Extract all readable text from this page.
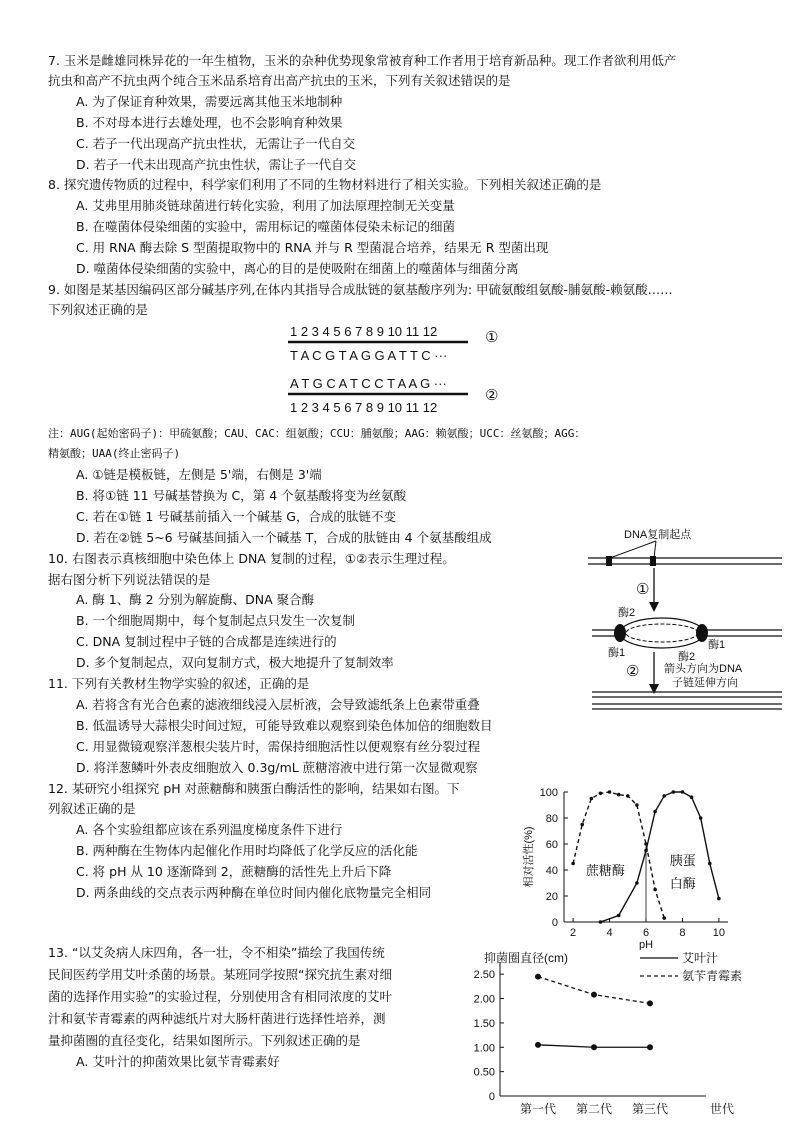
7. 玉米是雌雄同株异花的一年生植物，玉米的杂种优势现象常被育种工作者用于培育新品种。现工作者欲利用低产
抗虫和高产不抗虫两个纯合玉米品系培育出高产抗虫的玉米，下列有关叙述错误的是
A. 为了保证育种效果，需要远离其他玉米地制种
B. 不对母本进行去雄处理，也不会影响育种效果
C. 若子一代出现高产抗虫性状，无需让子一代自交
D. 若子一代未出现高产抗虫性状，需让子一代自交
8. 探究遗传物质的过程中，科学家们利用了不同的生物材料进行了相关实验。下列相关叙述正确的是
A. 艾弗里用肺炎链球菌进行转化实验，利用了加法原理控制无关变量
B. 在噬菌体侵染细菌的实验中，需用标记的噬菌体侵染未标记的细菌
C. 用 RNA 酶去除 S 型菌提取物中的 RNA 并与 R 型菌混合培养，结果无 R 型菌出现
D. 噬菌体侵染细菌的实验中，离心的目的是使吸附在细菌上的噬菌体与细菌分离
9. 如图是某基因编码区部分碱基序列,在体内其指导合成肽链的氨基酸序列为: 甲硫氨酸组氨酸-脯氨酸-赖氨酸……
下列叙述正确的是
1 2 3 4 5 6 7 8 9 10 11 12	①
T A C G T A G G A T T C ···
A T G C A T C C T A A G ···
②
1 2 3 4 5 6 7 8 9 10 11 12
注：AUG(起始密码子)：甲硫氨酸；CAU、CAC：组氨酸；CCU：脯氨酸；AAG：赖氨酸；UCC：丝氨酸；AGG：
精氨酸；UAA(终止密码子)
A. ①链是模板链，左侧是 5'端，右侧是 3'端
B. 将①链 11 号碱基替换为 C，第 4 个氨基酸将变为丝氨酸
C. 若在①链 1 号碱基前插入一个碱基 G，合成的肽链不变
D. 若在②链 5~6 号碱基间插入一个碱基 T，合成的肽链由 4 个氨基酸组成
10. 右图表示真核细胞中染色体上 DNA 复制的过程，①②表示生理过程。
据右图分析下列说法错误的是
A. 酶 1、酶 2 分别为解旋酶、DNA 聚合酶
B. 一个细胞周期中，每个复制起点只发生一次复制
C. DNA 复制过程中子链的合成都是连续进行的
D. 多个复制起点，双向复制方式，极大地提升了复制效率
DNA复制起点
①
酶2
酶1
酶1	酶2
② 箭头方向为DNA
子链延伸方向
11. 下列有关教材生物学实验的叙述，正确的是
A. 若将含有光合色素的滤液细线浸入层析液，会导致滤纸条上色素带重叠
B. 低温诱导大蒜根尖时间过短，可能导致难以观察到染色体加倍的细胞数目
C. 用显微镜观察洋葱根尖装片时，需保持细胞活性以便观察有丝分裂过程
D. 将洋葱鳞叶外表皮细胞放入 0.3g/mL 蔗糖溶液中进行第一次显微观察
12. 某研究小组探究 pH 对蔗糖酶和胰蛋白酶活性的影响，结果如右图。下
列叙述正确的是
A. 各个实验组都应该在系列温度梯度条件下进行
B. 两种酶在生物体内起催化作用时均降低了化学反应的活化能
C. 将 pH 从 10 逐渐降到 2，蔗糖酶的活性先上升后下降
D. 两条曲线的交点表示两种酶在单位时间内催化底物量完全相同
0
20
40
60
80
100
2	4	6	8 10
pH
相对活性(%)	蔗糖酶
胰蛋
白酶
13. “以艾灸病人床四角，各一壮，令不相染”描绘了我国传统
民间医药学用艾叶杀菌的场景。某班同学按照“探究抗生素对细
菌的选择作用实验”的实验过程，分别使用含有相同浓度的艾叶
汁和氨苄青霉素的两种滤纸片对大肠杆菌进行选择性培养，测
量抑菌圈的直径变化，结果如图所示。下列叙述正确的是
A. 艾叶汁的抑菌效果比氨苄青霉素好
抑菌圈直径(cm)
0
0.50
1.00
1.50
2.00
2.50
第一代 第二代 第三代	世代
艾叶汁
氨苄青霉素
